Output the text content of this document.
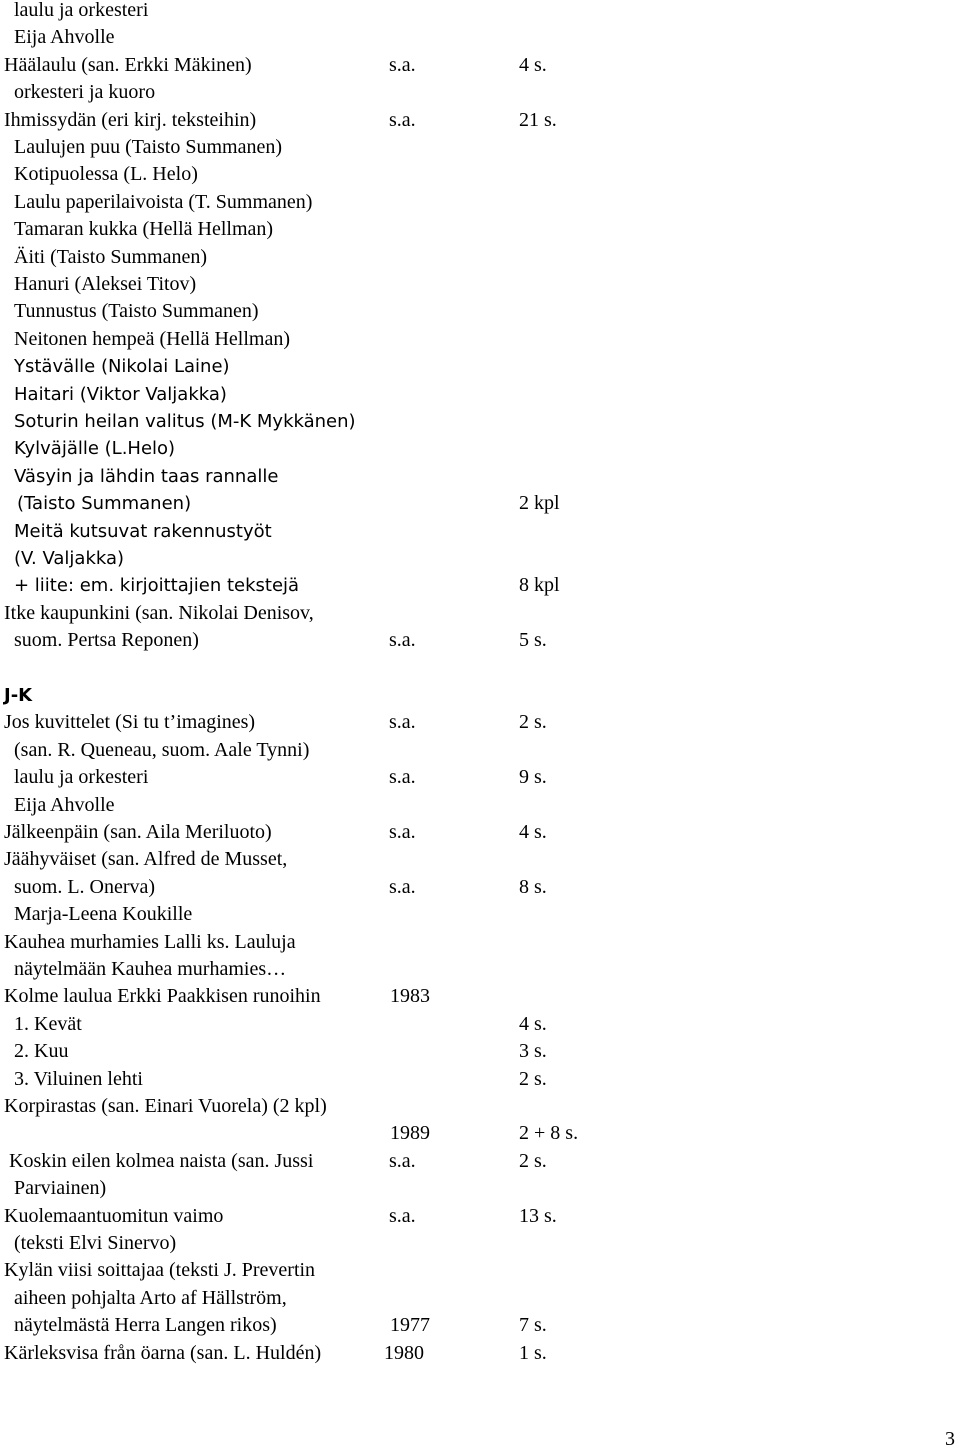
laulu ja orkesteri
Eija Ahvolle
Häälaulu (san. Erkki Mäkinen)	s.a.	4 s.
orkesteri ja kuoro
Ihmissydän (eri kirj. teksteihin)	s.a.	21 s.
Laulujen puu (Taisto Summanen)
Kotipuolessa (L. Helo)
Laulu paperilaivoista (T. Summanen)
Tamaran kukka (Hellä Hellman)
Äiti (Taisto Summanen)
Hanuri (Aleksei Titov)
Tunnustus (Taisto Summanen)
Neitonen hempeä (Hellä Hellman)
Ystävälle (Nikolai Laine)
Haitari (Viktor Valjakka)
Soturin heilan valitus (M-K Mykkänen)
Kylväjälle (L.Helo)
Väsyin ja lähdin taas rannalle
(Taisto Summanen)	2 kpl
Meitä kutsuvat rakennustyöt
(V. Valjakka)
+ liite: em. kirjoittajien tekstejä	8 kpl
Itke kaupunkini (san. Nikolai Denisov,
suom. Pertsa Reponen)	s.a.	5 s.
J-K
Jos kuvittelet (Si tu t’imagines)	s.a.	2 s.
(san. R. Queneau, suom. Aale Tynni)
laulu ja orkesteri	s.a.	9 s.
Eija Ahvolle
Jälkeenpäin (san. Aila Meriluoto)	s.a.	4 s.
Jäähyväiset (san. Alfred de Musset,
suom. L. Onerva)	s.a.	8 s.
Marja-Leena Koukille
Kauhea murhamies Lalli ks. Lauluja
näytelmään Kauhea murhamies…
Kolme laulua Erkki Paakkisen runoihin	1983
1. Kevät	4 s.
2. Kuu	3 s.
3. Viluinen lehti	2 s.
Korpirastas (san. Einari Vuorela) (2 kpl)
1989	2 + 8 s.
Koskin eilen kolmea naista (san. Jussi	s.a.	2 s.
Parviainen)
Kuolemaantuomitun vaimo	s.a.	13 s.
(teksti Elvi Sinervo)
Kylän viisi soittajaa (teksti J. Prevertin
aiheen pohjalta Arto af Hällström,
näytelmästä Herra Langen rikos)	1977	7 s.
Kärleksvisa från öarna (san. L. Huldén)	1980	1 s.
3
